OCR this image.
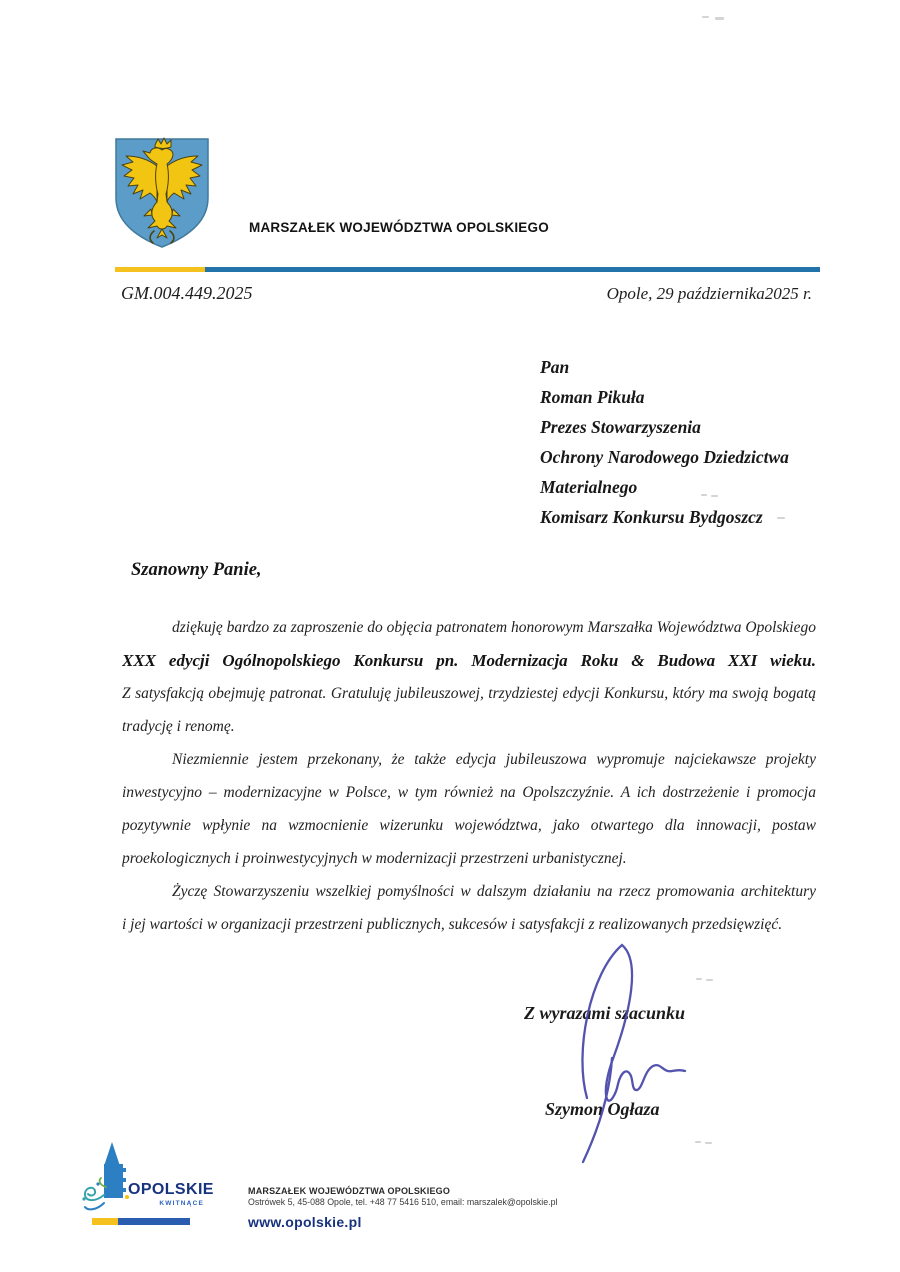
MARSZAŁEK WOJEWÓDZTWA OPOLSKIEGO
GM.004.449.2025	Opole, 29 października2025 r.
Pan
Roman Pikuła
Prezes Stowarzyszenia
Ochrony Narodowego Dziedzictwa
Materialnego
Komisarz Konkursu Bydgoszcz
Szanowny Panie,
dziękuję bardzo za zaproszenie do objęcia patronatem honorowym Marszałka Województwa Opolskiego
XXX edycji Ogólnopolskiego Konkursu pn. Modernizacja Roku & Budowa XXI wieku.
Z satysfakcją obejmuję patronat. Gratuluję jubileuszowej, trzydziestej edycji Konkursu, który ma swoją bogatą
tradycję i renomę.
Niezmiennie jestem przekonany, że także edycja jubileuszowa wypromuje najciekawsze projekty
inwestycyjno – modernizacyjne w Polsce, w tym również na Opolszczyźnie. A ich dostrzeżenie i promocja
pozytywnie wpłynie na wzmocnienie wizerunku województwa, jako otwartego dla innowacji, postaw
proekologicznych i proinwestycyjnych w modernizacji przestrzeni urbanistycznej.
Życzę Stowarzyszeniu wszelkiej pomyślności w dalszym działaniu na rzecz promowania architektury
i jej wartości w organizacji przestrzeni publicznych, sukcesów i satysfakcji z realizowanych przedsięwzięć.
Z wyrazami szacunku
Szymon Ogłaza
OPOLSKIE
KWITNĄCE
MARSZAŁEK WOJEWÓDZTWA OPOLSKIEGO
Ostrówek 5, 45-088 Opole, tel. +48 77 5416 510, email: marszalek@opolskie.pl
www.opolskie.pl
